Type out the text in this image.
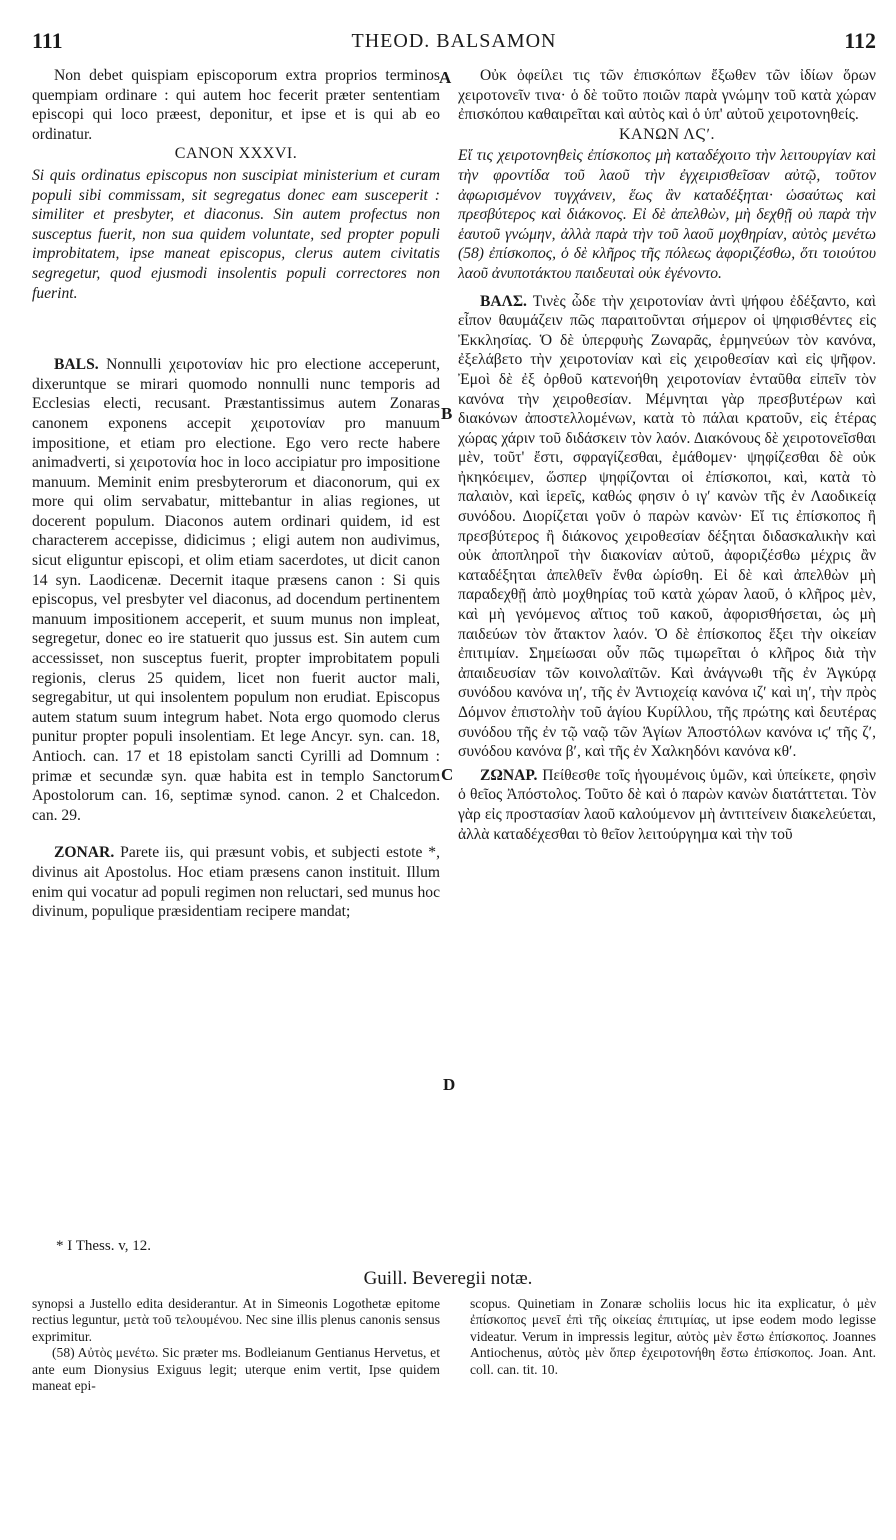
111	THEOD. BALSAMON	112
A
B
C
D

Non debet quispiam episcoporum extra proprios terminos quempiam ordinare : qui autem hoc fecerit præter sententiam episcopi qui loco præest, deponitur, et ipse et is qui ab eo ordinatur.

CANON XXXVI.

Si quis ordinatus episcopus non suscipiat ministerium et curam populi sibi commissam, sit segregatus donec eam susceperit : similiter et presbyter, et diaconus. Sin autem profectus non susceptus fuerit, non sua quidem voluntate, sed propter populi improbitatem, ipse maneat episcopus, clerus autem civitatis segregetur, quod ejusmodi insolentis populi correctores non fuerint.

BALS. Nonnulli χειροτονίαν hic pro electione acceperunt, dixeruntque se mirari quomodo nonnulli nunc temporis ad Ecclesias electi, recusant. Præstantissimus autem Zonaras canonem exponens accepit χειροτονίαν pro manuum impositione, et etiam pro electione. Ego vero recte habere animadverti, si χειροτονία hoc in loco accipiatur pro impositione manuum. Meminit enim presbyterorum et diaconorum, qui ex more qui olim servabatur, mittebantur in alias regiones, ut docerent populum. Diaconos autem ordinari quidem, id est characterem accepisse, didicimus ; eligi autem non audivimus, sicut eliguntur episcopi, et olim etiam sacerdotes, ut dicit canon 14 syn. Laodicenæ. Decernit itaque præsens canon : Si quis episcopus, vel presbyter vel diaconus, ad docendum pertinentem manuum impositionem acceperit, et suum munus non impleat, segregetur, donec eo ire statuerit quo jussus est. Sin autem cum accessisset, non susceptus fuerit, propter improbitatem populi regionis, clerus 25 quidem, licet non fuerit auctor mali, segregabitur, ut qui insolentem populum non erudiat. Episcopus autem statum suum integrum habet. Nota ergo quomodo clerus punitur propter populi insolentiam. Et lege Ancyr. syn. can. 18, Antioch. can. 17 et 18 epistolam sancti Cyrilli ad Domnum : primæ et secundæ syn. quæ habita est in templo Sanctorum Apostolorum can. 16, septimæ synod. canon. 2 et Chalcedon. can. 29.

ZONAR. Parete iis, qui præsunt vobis, et subjecti estote *, divinus ait Apostolus. Hoc etiam præsens canon instituit. Illum enim qui vocatur ad populi regimen non reluctari, sed munus hoc divinum, populique præsidentiam recipere mandat;

Οὐκ ὀφείλει τις τῶν ἐπισκόπων ἔξωθεν τῶν ἰδίων ὅρων χειροτονεῖν τινα· ὁ δὲ τοῦτο ποιῶν παρὰ γνώμην τοῦ κατὰ χώραν ἐπισκόπου καθαιρεῖται καὶ αὐτὸς καὶ ὁ ὑπ' αὐτοῦ χειροτονηθείς.

ΚΑΝΩΝ ΛϚʹ.

Εἴ τις χειροτονηθεὶς ἐπίσκοπος μὴ καταδέχοιτο τὴν λειτουργίαν καὶ τὴν φροντίδα τοῦ λαοῦ τὴν ἐγχειρισθεῖσαν αὐτῷ, τοῦτον ἀφωρισμένον τυγχάνειν, ἕως ἂν καταδέξηται· ὡσαύτως καὶ πρεσβύτερος καὶ διάκονος. Εἰ δὲ ἀπελθὼν, μὴ δεχθῇ οὐ παρὰ τὴν ἑαυτοῦ γνώμην, ἀλλὰ παρὰ τὴν τοῦ λαοῦ μοχθηρίαν, αὐτὸς μενέτω (58) ἐπίσκοπος, ὁ δὲ κλῆρος τῆς πόλεως ἀφοριζέσθω, ὅτι τοιούτου λαοῦ ἀνυποτάκτου παιδευταὶ οὐκ ἐγένοντο.

ΒΑΛΣ. Τινὲς ὧδε τὴν χειροτονίαν ἀντὶ ψήφου ἐδέξαντο, καὶ εἶπον θαυμάζειν πῶς παραιτοῦνται σήμερον οἱ ψηφισθέντες εἰς Ἐκκλησίας. Ὁ δὲ ὑπερφυὴς Ζωναρᾶς, ἑρμηνεύων τὸν κανόνα, ἐξελάβετο τὴν χειροτονίαν καὶ εἰς χειροθεσίαν καὶ εἰς ψῆφον. Ἐμοὶ δὲ ἐξ ὀρθοῦ κατενοήθη χειροτονίαν ἐνταῦθα εἰπεῖν τὸν κανόνα τὴν χειροθεσίαν. Μέμνηται γὰρ πρεσβυτέρων καὶ διακόνων ἀποστελλομένων, κατὰ τὸ πάλαι κρατοῦν, εἰς ἑτέρας χώρας χάριν τοῦ διδάσκειν τὸν λαόν. Διακόνους δὲ χειροτονεῖσθαι μὲν, τοῦτ' ἔστι, σφραγίζεσθαι, ἐμάθομεν· ψηφίζεσθαι δὲ οὐκ ἠκηκόειμεν, ὥσπερ ψηφίζονται οἱ ἐπίσκοποι, καὶ, κατὰ τὸ παλαιὸν, καὶ ἱερεῖς, καθώς φησιν ὁ ιγʹ κανὼν τῆς ἐν Λαοδικείᾳ συνόδου. Διορίζεται γοῦν ὁ παρὼν κανὼν· Εἴ τις ἐπίσκοπος ἢ πρεσβύτερος ἢ διάκονος χειροθεσίαν δέξηται διδασκαλικὴν καὶ οὐκ ἀποπληροῖ τὴν διακονίαν αὐτοῦ, ἀφοριζέσθω μέχρις ἂν καταδέξηται ἀπελθεῖν ἔνθα ὡρίσθη. Εἰ δὲ καὶ ἀπελθὼν μὴ παραδεχθῇ ἀπὸ μοχθηρίας τοῦ κατὰ χώραν λαοῦ, ὁ κλῆρος μὲν, καὶ μὴ γενόμενος αἴτιος τοῦ κακοῦ, ἀφορισθήσεται, ὡς μὴ παιδεύων τὸν ἄτακτον λαόν. Ὁ δὲ ἐπίσκοπος ἕξει τὴν οἰκείαν ἐπιτιμίαν. Σημείωσαι οὖν πῶς τιμωρεῖται ὁ κλῆρος διὰ τὴν ἀπαιδευσίαν τῶν κοινολαϊτῶν. Καὶ ἀνάγνωθι τῆς ἐν Ἀγκύρᾳ συνόδου κανόνα ιηʹ, τῆς ἐν Ἀντιοχείᾳ κανόνα ιζʹ καὶ ιηʹ, τὴν πρὸς Δόμνον ἐπιστολὴν τοῦ ἁγίου Κυρίλλου, τῆς πρώτης καὶ δευτέρας συνόδου τῆς ἐν τῷ ναῷ τῶν Ἁγίων Ἀποστόλων κανόνα ιϛʹ τῆς ζʹ, συνόδου κανόνα βʹ, καὶ τῆς ἐν Χαλκηδόνι κανόνα κθʹ.

ΖΩΝΑΡ. Πείθεσθε τοῖς ἡγουμένοις ὑμῶν, καὶ ὑπείκετε, φησὶν ὁ θεῖος Ἀπόστολος. Τοῦτο δὲ καὶ ὁ παρὼν κανὼν διατάττεται. Τὸν γὰρ εἰς προστασίαν λαοῦ καλούμενον μὴ ἀντιτείνειν διακελεύεται, ἀλλὰ καταδέχεσθαι τὸ θεῖον λειτούργημα καὶ τὴν τοῦ

* I Thess. v, 12.
Guill. Beveregii notæ.

synopsi a Justello edita desiderantur. At in Simeonis Logothetæ epitome rectius leguntur, μετὰ τοῦ τελουμένου. Nec sine illis plenus canonis sensus exprimitur.

(58) Αὐτὸς μενέτω. Sic præter ms. Bodleianum Gentianus Hervetus, et ante eum Dionysius Exiguus legit; uterque enim vertit, Ipse quidem maneat epi-

scopus. Quinetiam in Zonaræ scholiis locus hic ita explicatur, ὁ μὲν ἐπίσκοπος μενεῖ ἐπὶ τῆς οἰκείας ἐπιτιμίας, ut ipse eodem modo legisse videatur. Verum in impressis legitur, αὐτὸς μὲν ἔστω ἐπίσκοπος. Joannes Antiochenus, αὐτὸς μὲν ὅπερ ἐχειροτονήθη ἔστω ἐπίσκοπος. Joan. Ant. coll. can. tit. 10.
